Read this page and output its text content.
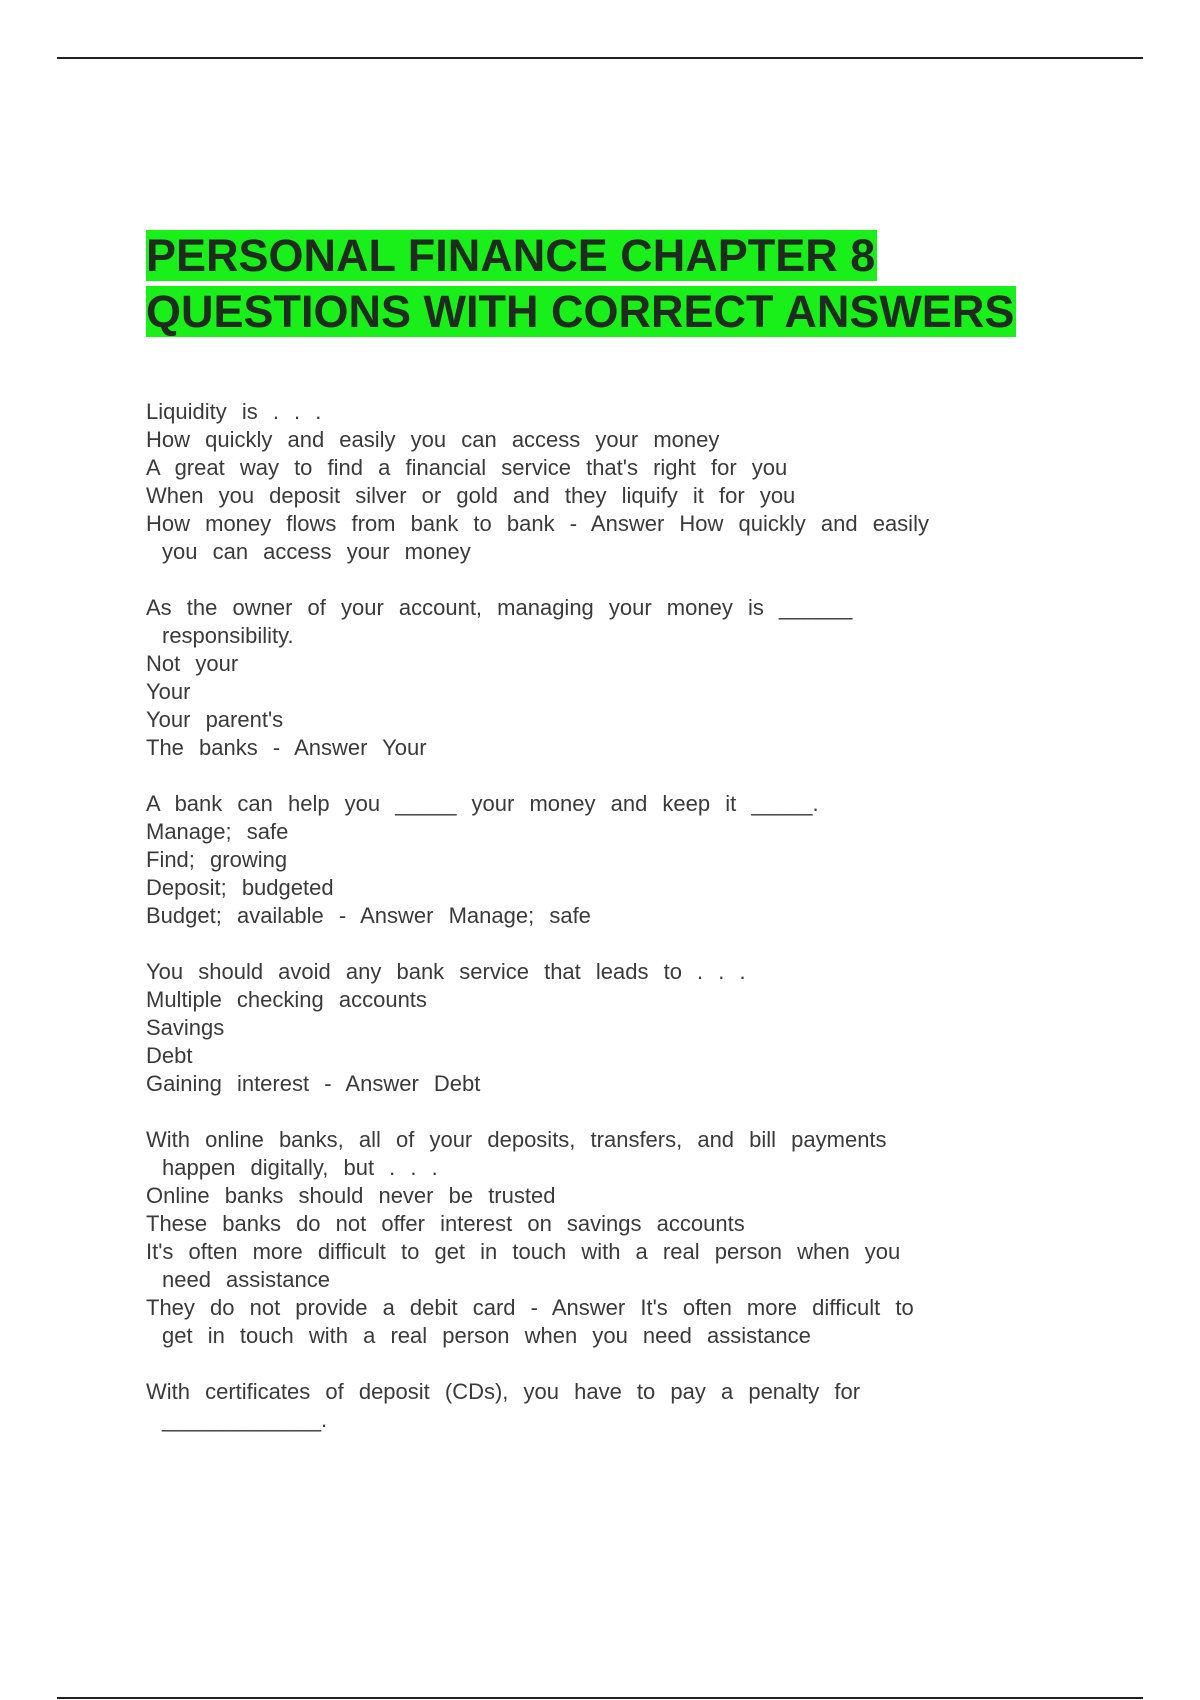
PERSONAL FINANCE CHAPTER 8
QUESTIONS WITH CORRECT ANSWERS

Liquidity is . . .

How quickly and easily you can access your money

A great way to find a financial service that's right for you

When you deposit silver or gold and they liquify it for you

How money flows from bank to bank - Answer How quickly and easily

you can access your money

As the owner of your account, managing your money is ______

responsibility.

Not your

Your

Your parent's

The banks - Answer Your

A bank can help you _____ your money and keep it _____.

Manage; safe

Find; growing

Deposit; budgeted

Budget; available - Answer Manage; safe

You should avoid any bank service that leads to . . .

Multiple checking accounts

Savings

Debt

Gaining interest - Answer Debt

With online banks, all of your deposits, transfers, and bill payments

happen digitally, but . . .

Online banks should never be trusted

These banks do not offer interest on savings accounts

It's often more difficult to get in touch with a real person when you

need assistance

They do not provide a debit card - Answer It's often more difficult to

get in touch with a real person when you need assistance

With certificates of deposit (CDs), you have to pay a penalty for

_____________.
